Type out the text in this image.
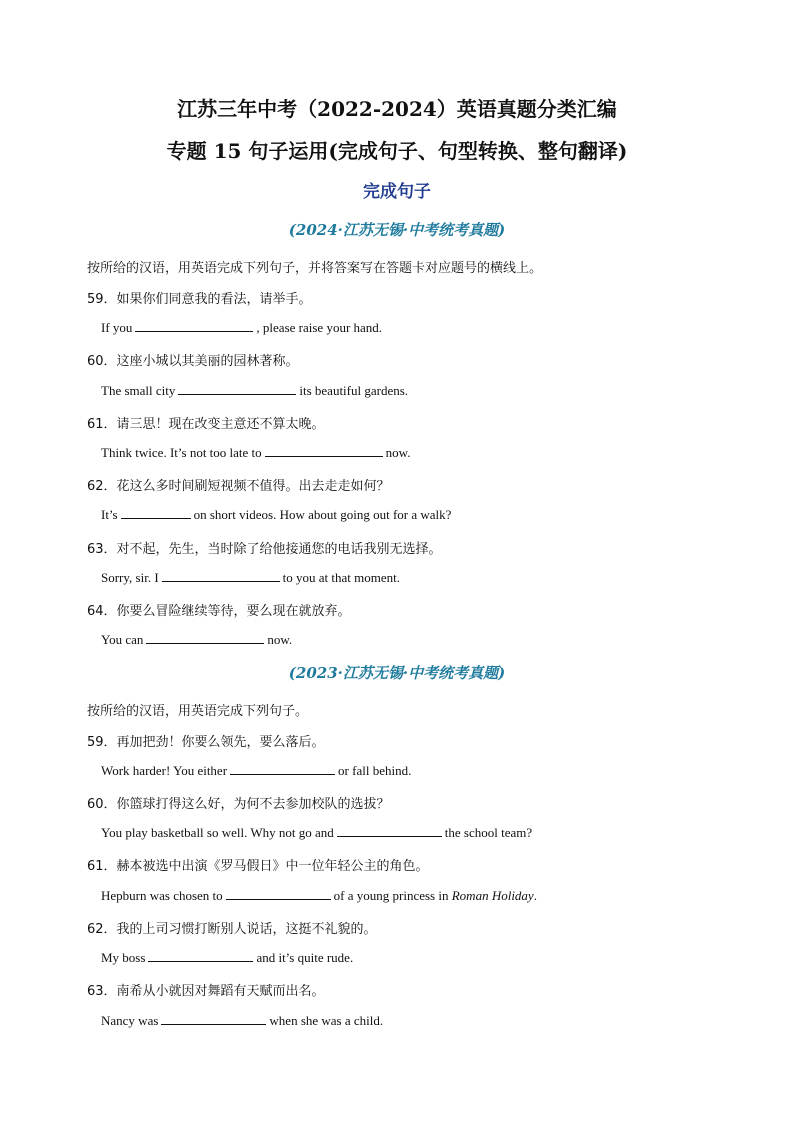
江苏三年中考（2022-2024）英语真题分类汇编
专题 15 句子运用(完成句子、句型转换、整句翻译)
完成句子
(2024·江苏无锡·中考统考真题)
按所给的汉语，用英语完成下列句子，并将答案写在答题卡对应题号的横线上。
59．如果你们同意我的看法，请举手。
If you	, please raise your hand.
60．这座小城以其美丽的园林著称。
The small city	its beautiful gardens.
61．请三思！现在改变主意还不算太晚。
Think twice. It’s not too late to	now.
62．花这么多时间刷短视频不值得。出去走走如何？
It’s	on short videos. How about going out for a walk?
63．对不起，先生，当时除了给他接通您的电话我别无选择。
Sorry, sir. I	to you at that moment.
64．你要么冒险继续等待，要么现在就放弃。
You can	now.
(2023·江苏无锡·中考统考真题)
按所给的汉语，用英语完成下列句子。
59．再加把劲！你要么领先，要么落后。
Work harder! You either	or fall behind.
60．你篮球打得这么好，为何不去参加校队的选拔？
You play basketball so well. Why not go and	the school team?
61．赫本被选中出演《罗马假日》中一位年轻公主的角色。
Hepburn was chosen to	of a young princess in Roman Holiday.
62．我的上司习惯打断别人说话，这挺不礼貌的。
My boss	and it’s quite rude.
63．南希从小就因对舞蹈有天赋而出名。
Nancy was	when she was a child.
